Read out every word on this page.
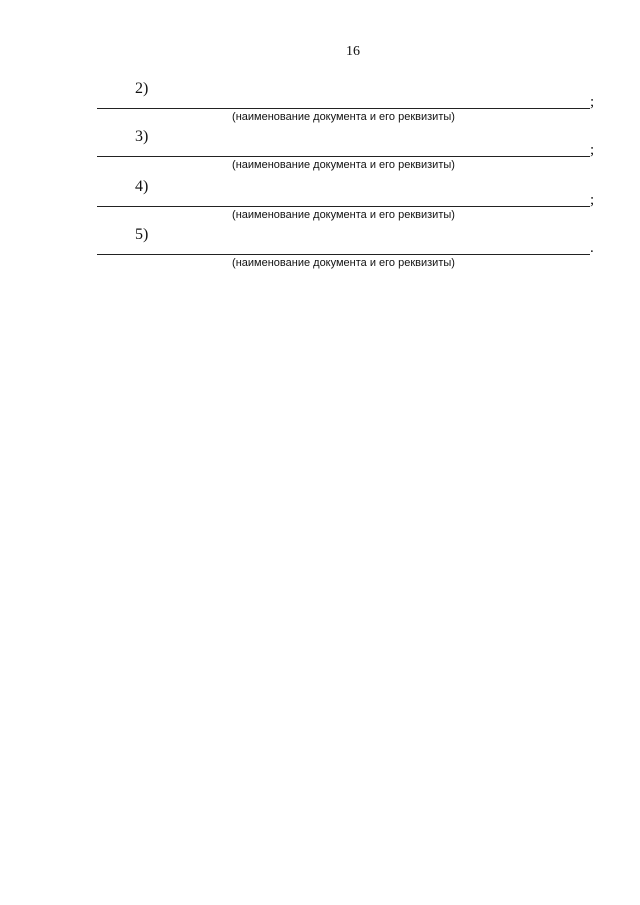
16
2)
;
(наименование документа и его реквизиты)
3)
;
(наименование документа и его реквизиты)
4)
;
(наименование документа и его реквизиты)
5)
.
(наименование документа и его реквизиты)
